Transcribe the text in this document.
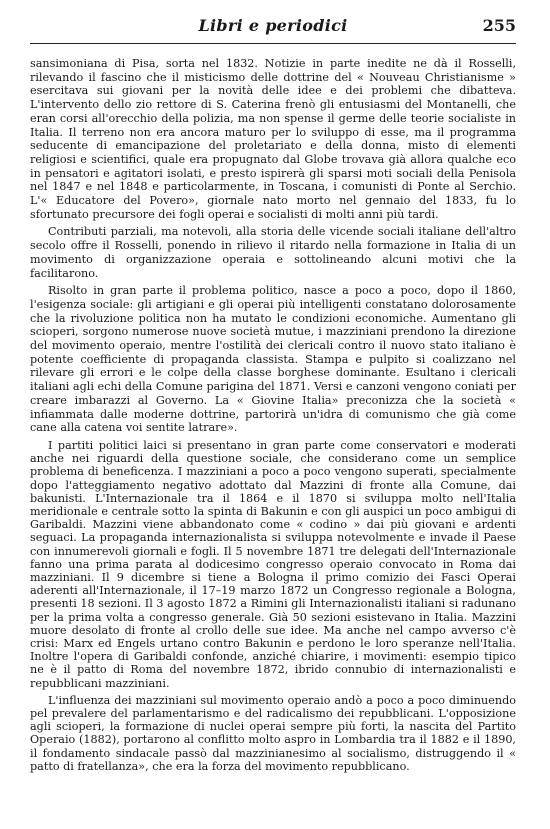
Libri e periodici	255

sansimoniana di Pisa, sorta nel 1832. Notizie in parte inedite ne dà il Rosselli, rilevando il fascino che il misticismo delle dottrine del « Nouveau Christianisme » esercitava sui giovani per la novità delle idee e dei problemi che dibatteva. L'intervento dello zio rettore di S. Caterina frenò gli entusiasmi del Montanelli, che eran corsi all'orecchio della polizia, ma non spense il germe delle teorie socialiste in Italia. Il terreno non era ancora maturo per lo sviluppo di esse, ma il programma seducente di emancipazione del proletariato e della donna, misto di elementi religiosi e scientifici, quale era propugnato dal Globe trovava già allora qualche eco in pensatori e agitatori isolati, e presto ispirerà gli sparsi moti sociali della Penisola nel 1847 e nel 1848 e particolarmente, in Toscana, i comunisti di Ponte al Serchio. L'« Educatore del Povero», giornale nato morto nel gennaio del 1833, fu lo sfortunato precursore dei fogli operai e socialisti di molti anni più tardi.

Contributi parziali, ma notevoli, alla storia delle vicende sociali italiane dell'altro secolo offre il Rosselli, ponendo in rilievo il ritardo nella formazione in Italia di un movimento di organizzazione operaia e sottolineando alcuni motivi che la facilitarono.

Risolto in gran parte il problema politico, nasce a poco a poco, dopo il 1860, l'esigenza sociale: gli artigiani e gli operai più intelligenti constatano dolorosamente che la rivoluzione politica non ha mutato le condizioni economiche. Aumentano gli scioperi, sorgono numerose nuove società mutue, i mazziniani prendono la direzione del movimento operaio, mentre l'ostilità dei clericali contro il nuovo stato italiano è potente coefficiente di propaganda classista. Stampa e pulpito si coalizzano nel rilevare gli errori e le colpe della classe borghese dominante. Esultano i clericali italiani agli echi della Comune parigina del 1871. Versi e canzoni vengono coniati per creare imbarazzi al Governo. La « Giovine Italia» preconizza che la società « infiammata dalle moderne dottrine, partorirà un'idra di comunismo che già come cane alla catena voi sentite latrare».

I partiti politici laici si presentano in gran parte come conservatori e moderati anche nei riguardi della questione sociale, che considerano come un semplice problema di beneficenza. I mazziniani a poco a poco vengono superati, specialmente dopo l'atteggiamento negativo adottato dal Mazzini di fronte alla Comune, dai bakunisti. L'Internazionale tra il 1864 e il 1870 si sviluppa molto nell'Italia meridionale e centrale sotto la spinta di Bakunin e con gli auspici un poco ambigui di Garibaldi. Mazzini viene abbandonato come « codino » dai più giovani e ardenti seguaci. La propaganda internazionalista si sviluppa notevolmente e invade il Paese con innumerevoli giornali e fogli. Il 5 novembre 1871 tre delegati dell'Internazionale fanno una prima parata al dodicesimo congresso operaio convocato in Roma dai mazziniani. Il 9 dicembre si tiene a Bologna il primo comizio dei Fasci Operai aderenti all'Internazionale, il 17–19 marzo 1872 un Congresso regionale a Bologna, presenti 18 sezioni. Il 3 agosto 1872 a Rimini gli Internazionalisti italiani si radunano per la prima volta a congresso generale. Già 50 sezioni esistevano in Italia. Mazzini muore desolato di fronte al crollo delle sue idee. Ma anche nel campo avverso c'è crisi: Marx ed Engels urtano contro Bakunin e perdono le loro speranze nell'Italia. Inoltre l'opera di Garibaldi confonde, anziché chiarire, i movimenti: esempio tipico ne è il patto di Roma del novembre 1872, ibrido connubio di internazionalisti e repubblicani mazziniani.

L'influenza dei mazziniani sul movimento operaio andò a poco a poco diminuendo pel prevalere del parlamentarismo e del radicalismo dei repubblicani. L'opposizione agli scioperi, la formazione di nuclei operai sempre più forti, la nascita del Partito Operaio (1882), portarono al conflitto molto aspro in Lombardia tra il 1882 e il 1890, il fondamento sindacale passò dal mazzinianesimo al socialismo, distruggendo il « patto di fratellanza», che era la forza del movimento repubblicano.
